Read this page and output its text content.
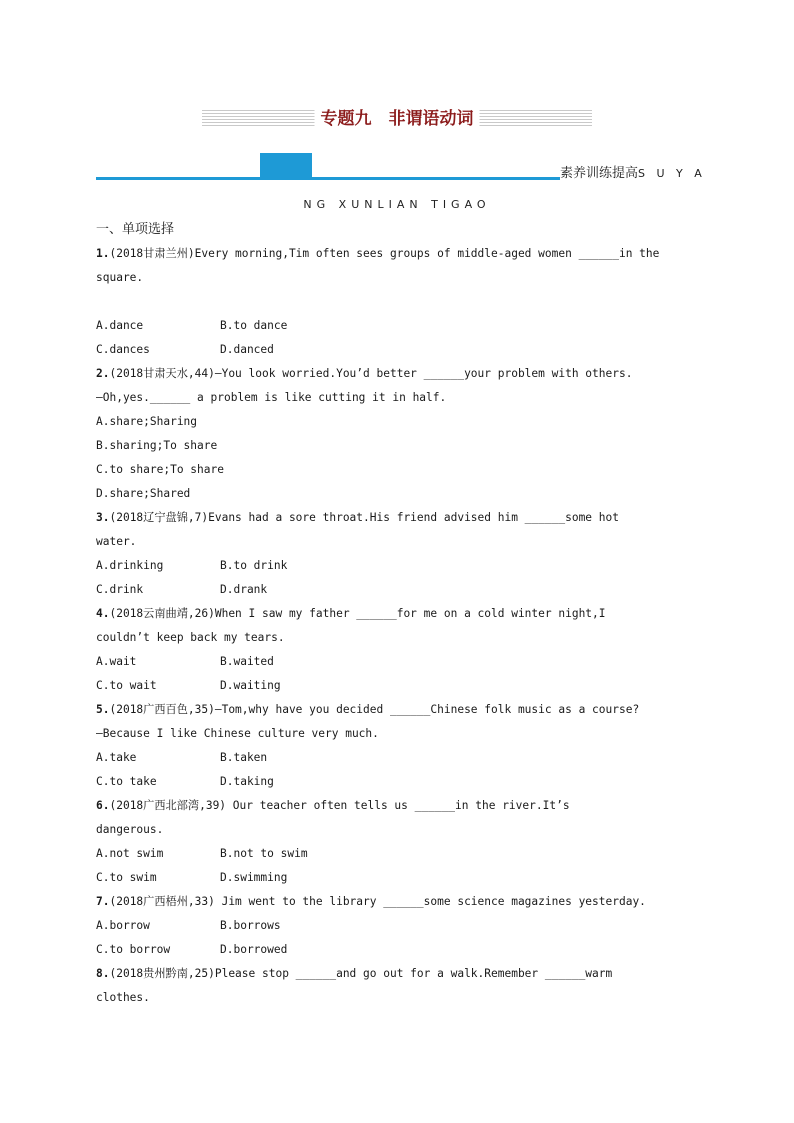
专题九　非谓语动词
素养训练提高S U Y A
NG XUNLIAN TIGAO
一、单项选择
1.(2018甘肃兰州)Every morning,Tim often sees groups of middle-aged women ______in the
square.
A.dance	B.to dance
C.dances	D.danced
2.(2018甘肃天水,44)—You look worried.You’d better ______your problem with others.
—Oh,yes.______ a problem is like cutting it in half.
A.share;Sharing
B.sharing;To share
C.to share;To share
D.share;Shared
3.(2018辽宁盘锦,7)Evans had a sore throat.His friend advised him ______some hot
water.
A.drinking	B.to drink
C.drink	D.drank
4.(2018云南曲靖,26)When I saw my father ______for me on a cold winter night,I
couldn’t keep back my tears.
A.wait	B.waited
C.to wait	D.waiting
5.(2018广西百色,35)—Tom,why have you decided ______Chinese folk music as a course?
—Because I like Chinese culture very much.
A.take	B.taken
C.to take	D.taking
6.(2018广西北部湾,39) Our teacher often tells us ______in the river.It’s
dangerous.
A.not swim	B.not to swim
C.to swim	D.swimming
7.(2018广西梧州,33) Jim went to the library ______some science magazines yesterday.
A.borrow	B.borrows
C.to borrow	D.borrowed
8.(2018贵州黔南,25)Please stop ______and go out for a walk.Remember ______warm
clothes.
